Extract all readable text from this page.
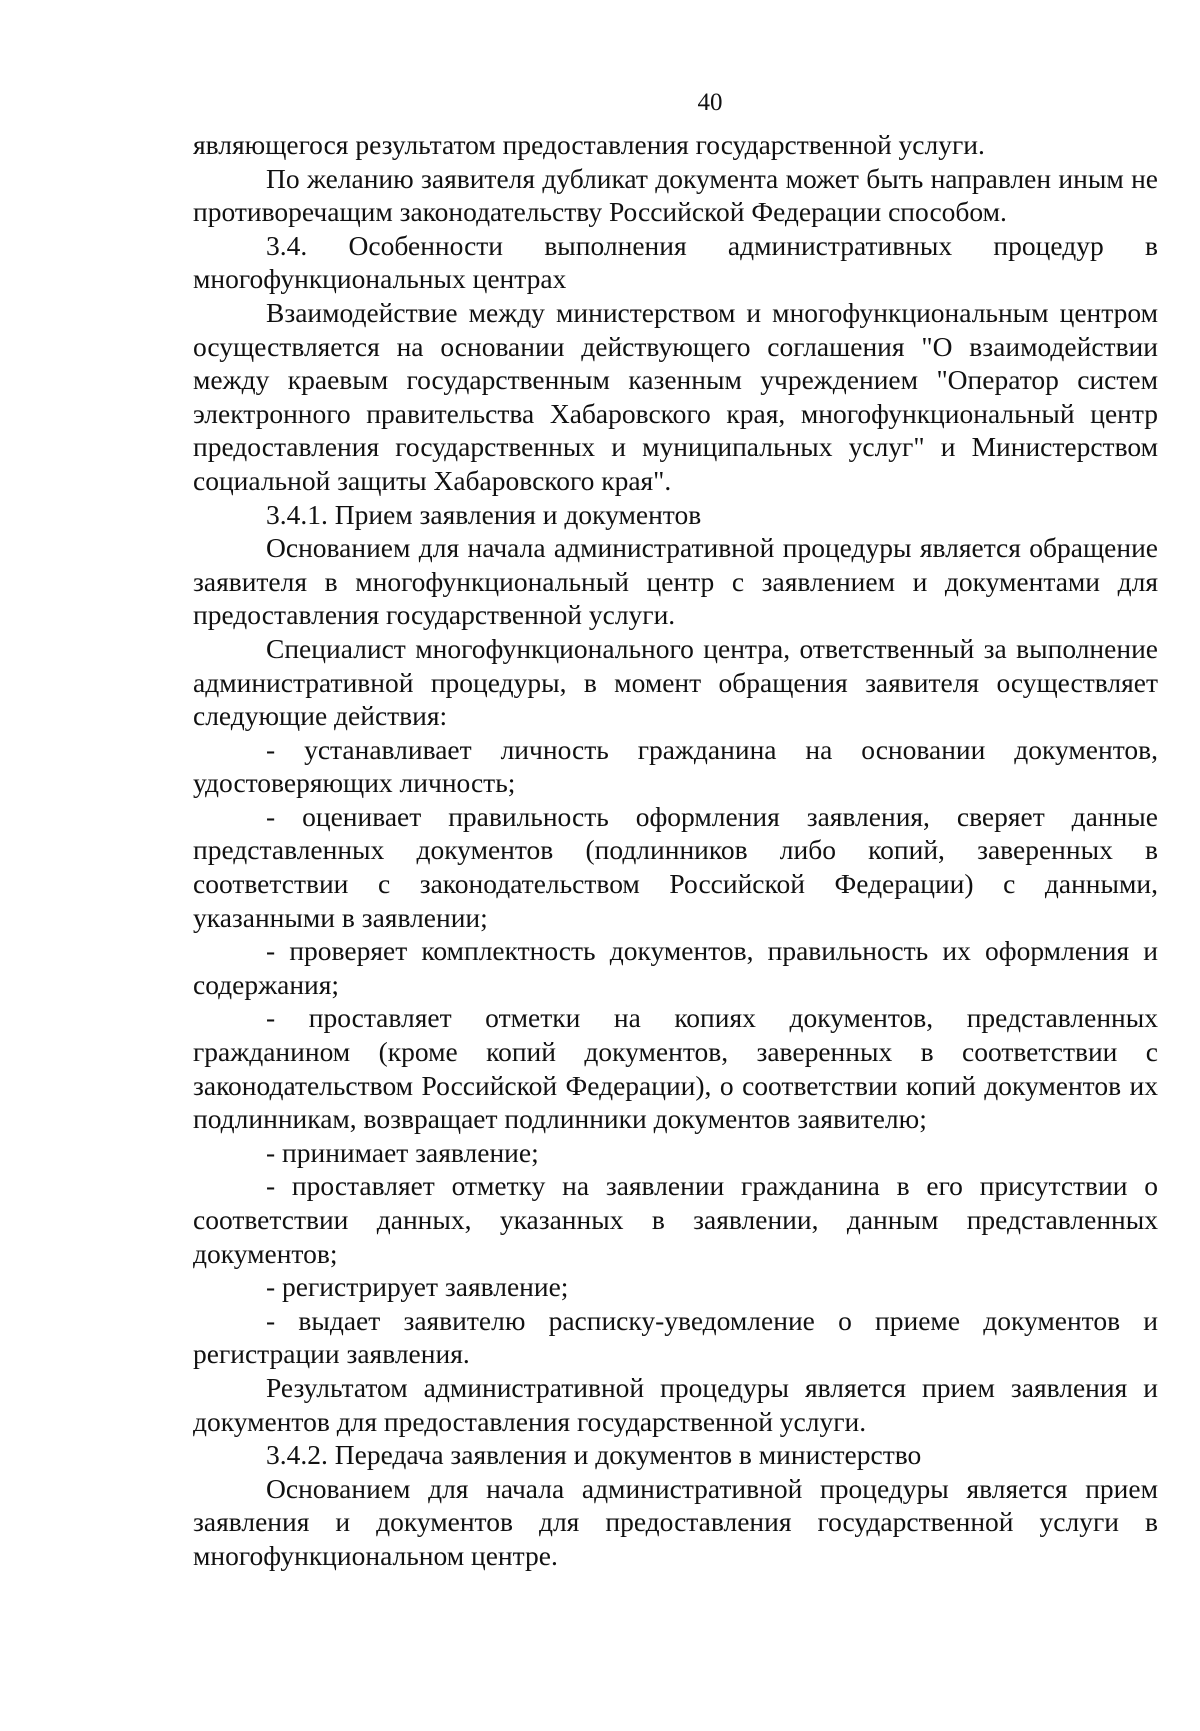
40

являющегося результатом предоставления государственной услуги.

По желанию заявителя дубликат документа может быть направлен иным не противоречащим законодательству Российской Федерации способом.

3.4. Особенности выполнения административных процедур в многофункциональных центрах

Взаимодействие между министерством и многофункциональным центром осуществляется на основании действующего соглашения "О взаимодействии между краевым государственным казенным учреждением "Оператор систем электронного правительства Хабаровского края, многофункциональный центр предоставления государственных и муниципальных услуг" и Министерством социальной защиты Хабаровского края".

3.4.1. Прием заявления и документов

Основанием для начала административной процедуры является обращение заявителя в многофункциональный центр с заявлением и документами для предоставления государственной услуги.

Специалист многофункционального центра, ответственный за выполнение административной процедуры, в момент обращения заявителя осуществляет следующие действия:

- устанавливает личность гражданина на основании документов, удостоверяющих личность;

- оценивает правильность оформления заявления, сверяет данные представленных документов (подлинников либо копий, заверенных в соответствии с законодательством Российской Федерации) с данными, указанными в заявлении;

- проверяет комплектность документов, правильность их оформления и содержания;

- проставляет отметки на копиях документов, представленных гражданином (кроме копий документов, заверенных в соответствии с законодательством Российской Федерации), о соответствии копий документов их подлинникам, возвращает подлинники документов заявителю;

- принимает заявление;

- проставляет отметку на заявлении гражданина в его присутствии о соответствии данных, указанных в заявлении, данным представленных документов;

- регистрирует заявление;

- выдает заявителю расписку-уведомление о приеме документов и регистрации заявления.

Результатом административной процедуры является прием заявления и документов для предоставления государственной услуги.

3.4.2. Передача заявления и документов в министерство

Основанием для начала административной процедуры является прием заявления и документов для предоставления государственной услуги в многофункциональном центре.
